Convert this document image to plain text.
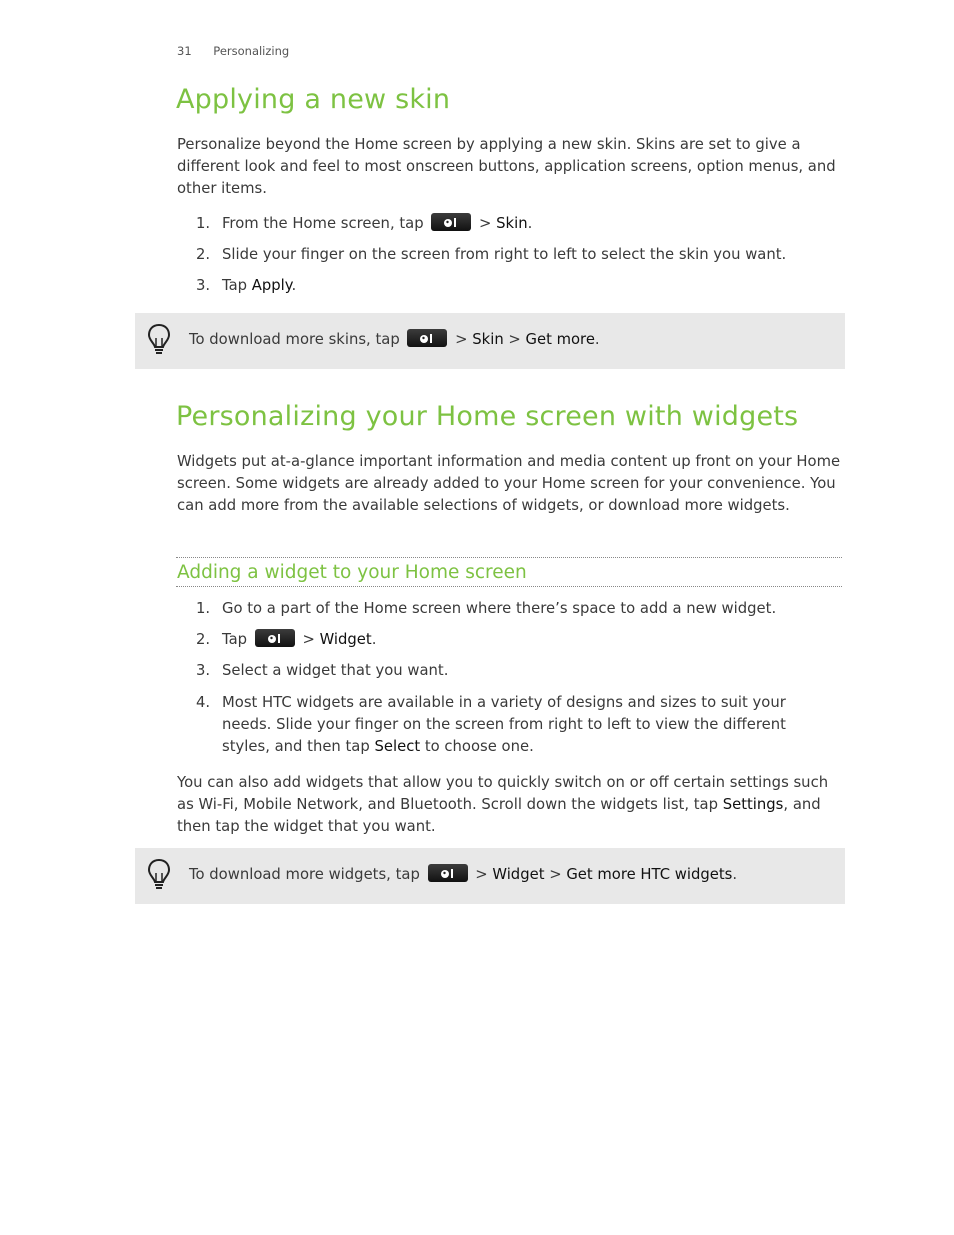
31 Personalizing
Applying a new skin

Personalize beyond the Home screen by applying a new skin. Skins are set to give a different look and feel to most onscreen buttons, application screens, option menus, and other items.

1. From the Home screen, tap	> Skin.
2. Slide your finger on the screen from right to left to select the skin you want.
3. Tap Apply.
To download more skins, tap	> Skin > Get more.
Personalizing your Home screen with widgets

Widgets put at-a-glance important information and media content up front on your Home screen. Some widgets are already added to your Home screen for your convenience. You can add more from the available selections of widgets, or download more widgets.

Adding a widget to your Home screen
1. Go to a part of the Home screen where there’s space to add a new widget.
2. Tap	> Widget.
3. Select a widget that you want.
4. Most HTC widgets are available in a variety of designs and sizes to suit your needs. Slide your finger on the screen from right to left to view the different styles, and then tap Select to choose one.

You can also add widgets that allow you to quickly switch on or off certain settings such as Wi-Fi, Mobile Network, and Bluetooth. Scroll down the widgets list, tap Settings, and then tap the widget that you want.

To download more widgets, tap	> Widget > Get more HTC widgets.
